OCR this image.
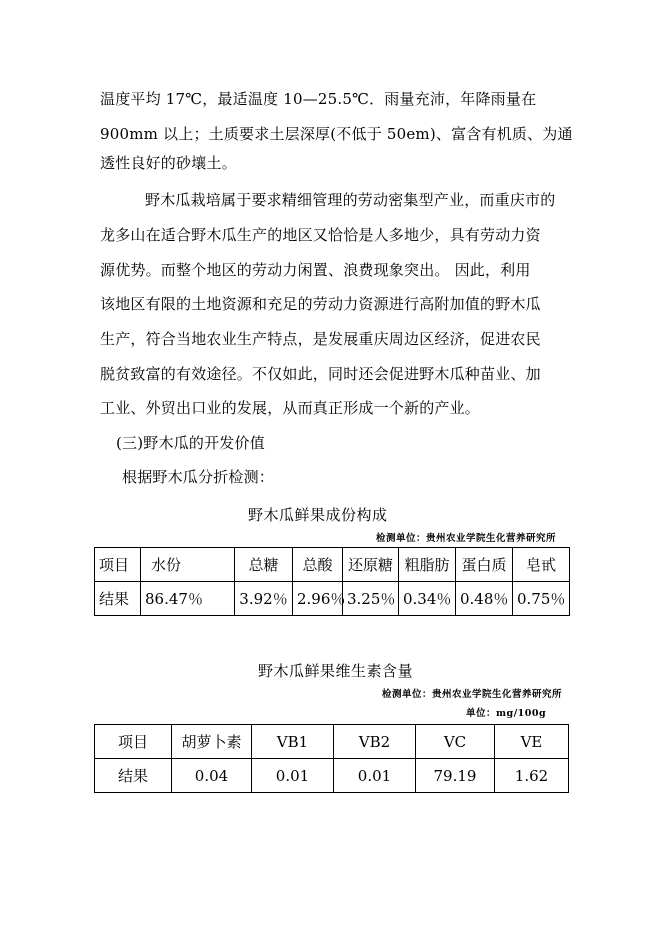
温度平均 17℃，最适温度 10—25.5℃．雨量充沛，年降雨量在
900mm 以上；土质要求土层深厚(不低于 50em)、富含有机质、为通
透性良好的砂壤土。
野木瓜栽培属于要求精细管理的劳动密集型产业，而重庆市的
龙多山在适合野木瓜生产的地区又恰恰是人多地少，具有劳动力资
源优势。而整个地区的劳动力闲置、浪费现象突出。 因此，利用
该地区有限的土地资源和充足的劳动力资源进行高附加值的野木瓜
生产，符合当地农业生产特点，是发展重庆周边区经济，促进农民
脱贫致富的有效途径。不仅如此，同时还会促进野木瓜种苗业、加
工业、外贸出口业的发展，从而真正形成一个新的产业。
(三)野木瓜的开发价值
根据野木瓜分折检测：
野木瓜鲜果成份构成
检测单位：贵州农业学院生化营养研究所
项目	水份	总糖	总酸	还原糖	粗脂肪	蛋白质	皂甙
结果	86.47％	3.92％	2.96％	3.25％	0.34％	0.48％	0.75％
野木瓜鲜果维生素含量
检测单位：贵州农业学院生化营养研究所
单位：mg/100g
项目	胡萝卜素	VB1	VB2	VC	VE
结果	0.04	0.01	0.01	79.19	1.62
